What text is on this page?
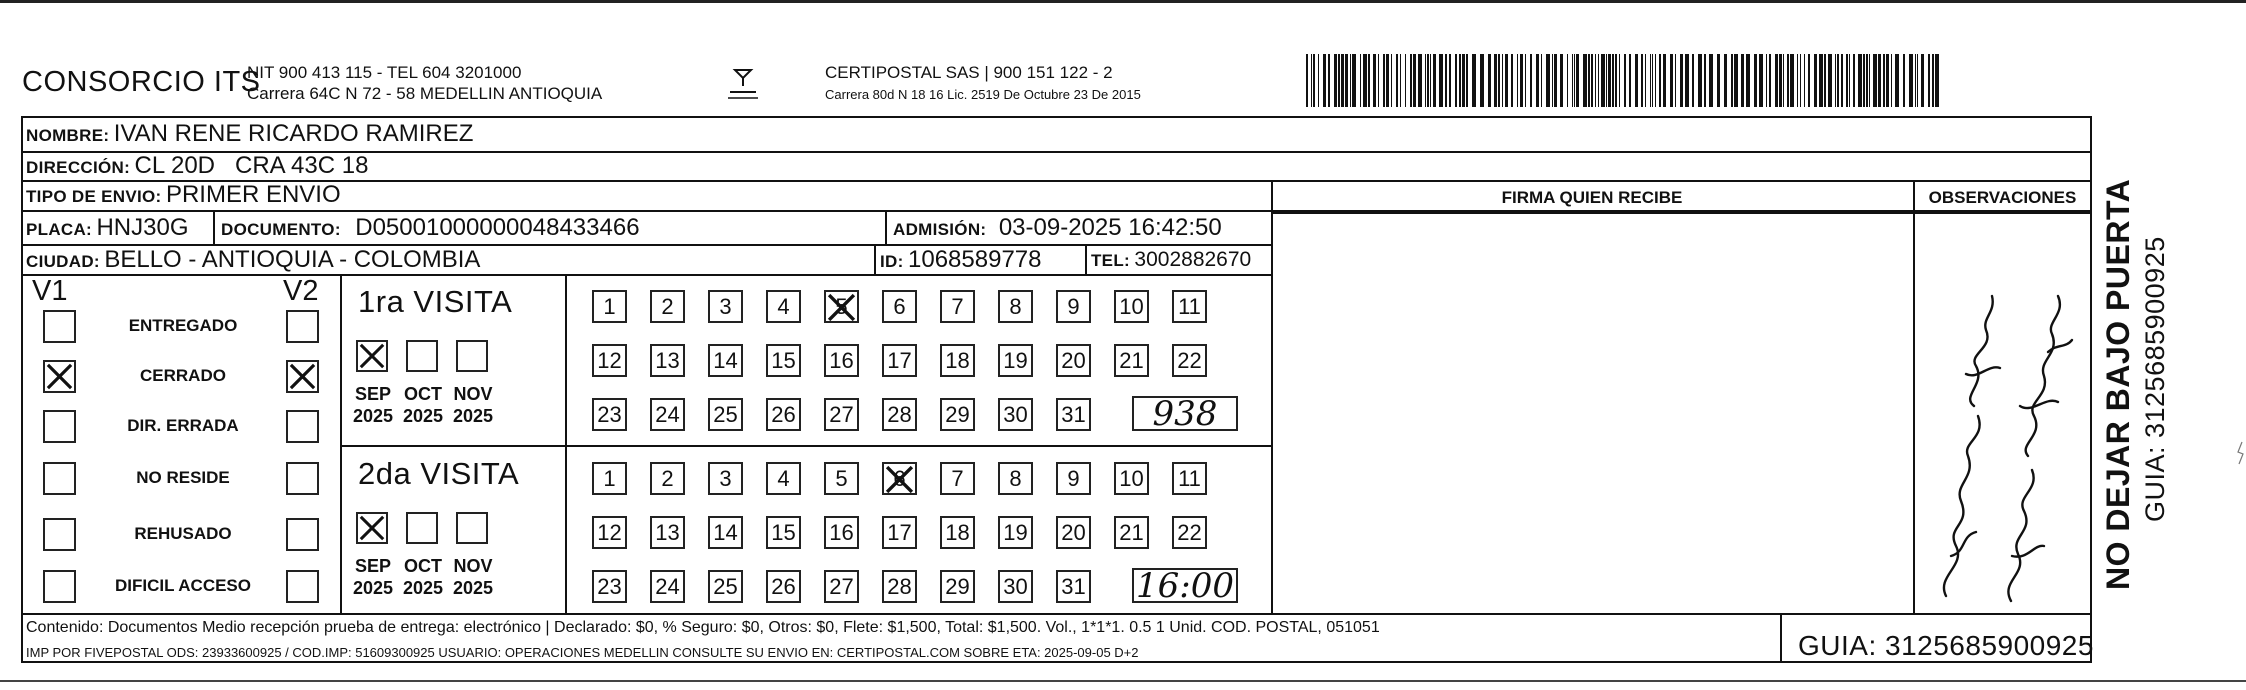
CONSORCIO ITS
NIT 900 413 115 - TEL 604 3201000
Carrera 64C N 72 - 58 MEDELLIN ANTIOQUIA
CERTIPOSTAL SAS | 900 151 122 - 2
Carrera 80d N 18 16 Lic. 2519 De Octubre 23 De 2015
NOMBRE: IVAN RENE RICARDO RAMIREZ
DIRECCIÓN: CL 20D   CRA 43C 18
TIPO DE ENVIO: PRIMER ENVIO	FIRMA QUIEN RECIBE	OBSERVACIONES
PLACA: HNJ30G DOCUMENTO: D05001000000048433466	ADMISIÓN: 03-09-2025 16:42:50
CIUDAD: BELLO - ANTIOQUIA - COLOMBIA	ID: 1068589778	TEL: 3002882670
V1	V2
ENTREGADO
CERRADO
DIR. ERRADA
NO RESIDE
REHUSADO
DIFICIL ACCESO
1ra VISITA
SEP
2025
OCT
2025
NOV
2025
1	2	3	4	5	6	7	8	9	10 11
12 13 14 15 16 17 18 19 20 21 22
23 24 25 26 27 28 29 30 31	938
2da VISITA
SEP
2025
OCT
2025
NOV
2025
1	2	3	4	5	6	7	8	9	10 11
12 13 14 15 16 17 18 19 20 21 22
23 24 25 26 27 28 29 30 31 16:00	NO DEJAR BAJO PUERTA GUIA: 3125685900925
Contenido: Documentos Medio recepción prueba de entrega: electrónico | Declarado: $0, % Seguro: $0, Otros: $0, Flete: $1,500, Total: $1,500. Vol., 1*1*1. 0.5 1 Unid. COD. POSTAL, 051051
IMP POR FIVEPOSTAL ODS: 23933600925 / COD.IMP: 51609300925 USUARIO: OPERACIONES MEDELLIN CONSULTE SU ENVIO EN: CERTIPOSTAL.COM SOBRE ETA: 2025-09-05 D+2	GUIA: 3125685900925
